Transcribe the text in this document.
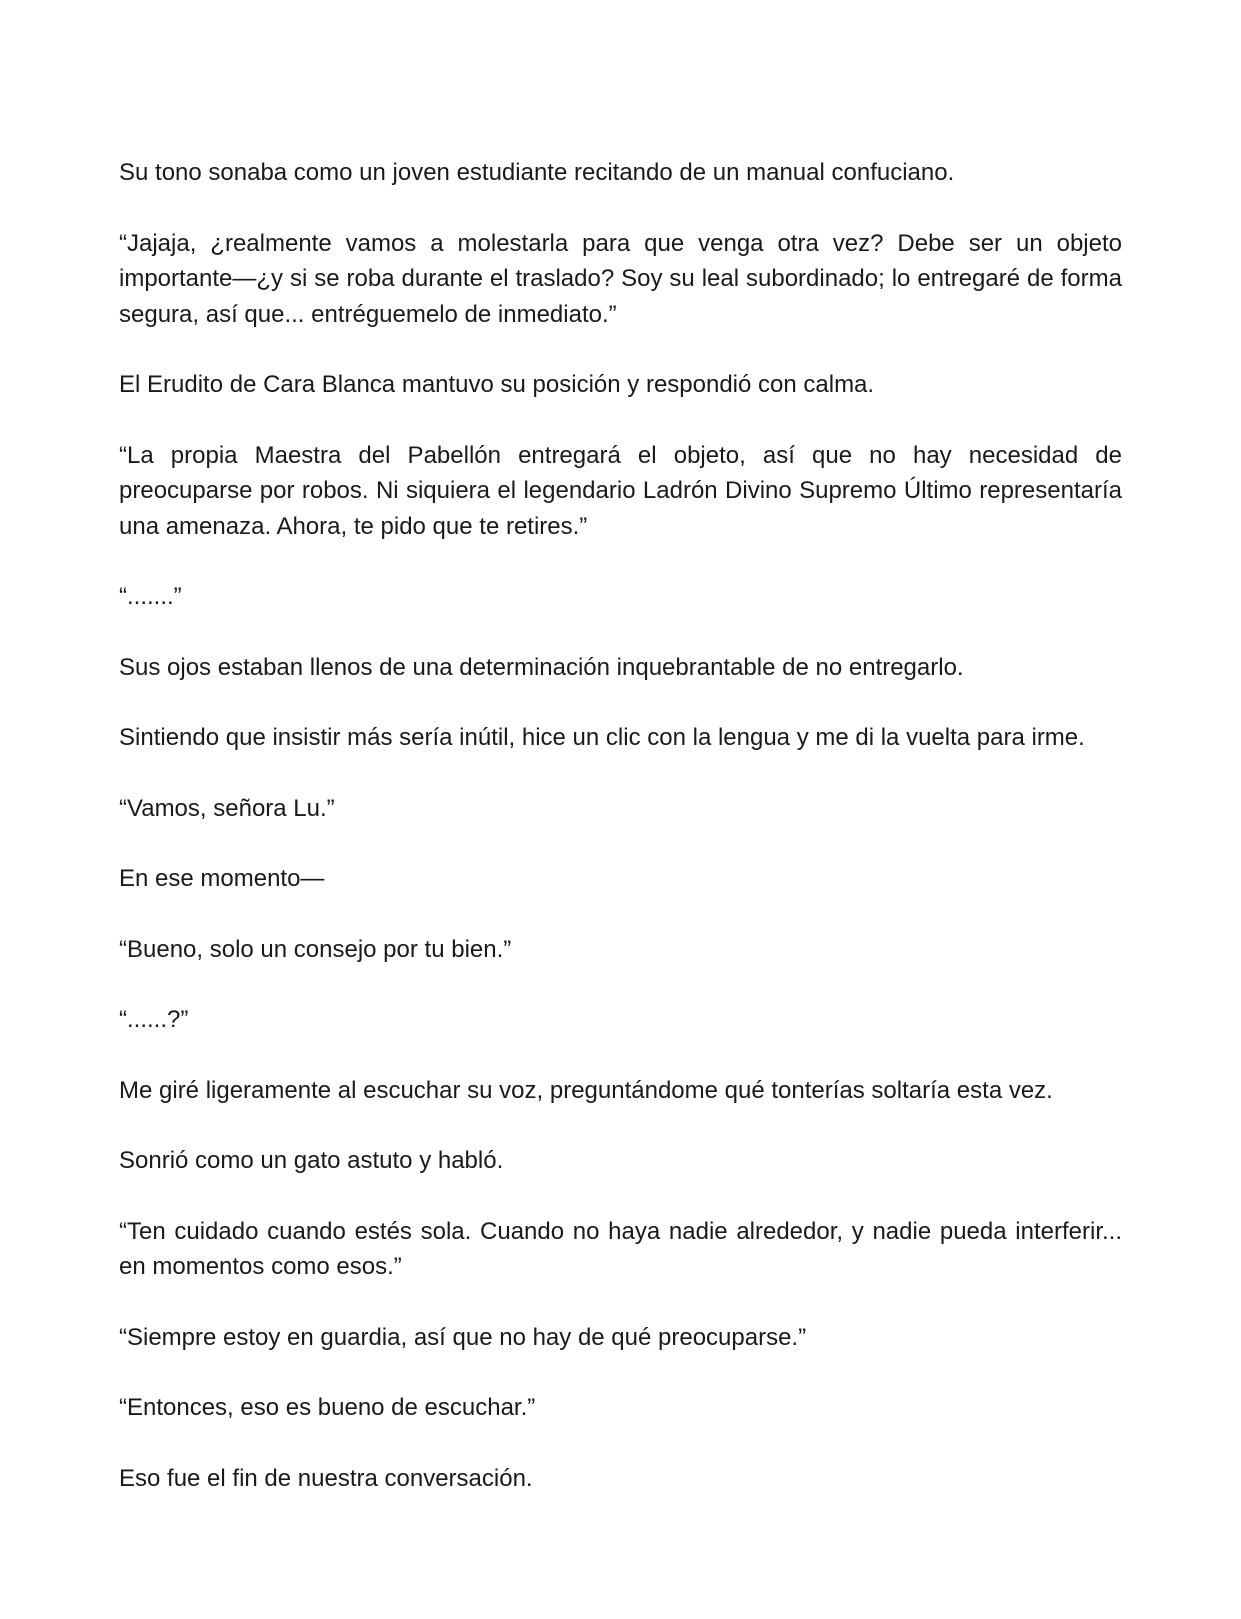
Su tono sonaba como un joven estudiante recitando de un manual confuciano.

“Jajaja, ¿realmente vamos a molestarla para que venga otra vez? Debe ser un objeto importante—¿y si se roba durante el traslado? Soy su leal subordinado; lo entregaré de forma segura, así que... entréguemelo de inmediato.”

El Erudito de Cara Blanca mantuvo su posición y respondió con calma.

“La propia Maestra del Pabellón entregará el objeto, así que no hay necesidad de preocuparse por robos. Ni siquiera el legendario Ladrón Divino Supremo Último representaría una amenaza. Ahora, te pido que te retires.”

“.......”

Sus ojos estaban llenos de una determinación inquebrantable de no entregarlo.

Sintiendo que insistir más sería inútil, hice un clic con la lengua y me di la vuelta para irme.

“Vamos, señora Lu.”

En ese momento—

“Bueno, solo un consejo por tu bien.”

“......?”

Me giré ligeramente al escuchar su voz, preguntándome qué tonterías soltaría esta vez.

Sonrió como un gato astuto y habló.

“Ten cuidado cuando estés sola. Cuando no haya nadie alrededor, y nadie pueda interferir... en momentos como esos.”

“Siempre estoy en guardia, así que no hay de qué preocuparse.”

“Entonces, eso es bueno de escuchar.”

Eso fue el fin de nuestra conversación.
